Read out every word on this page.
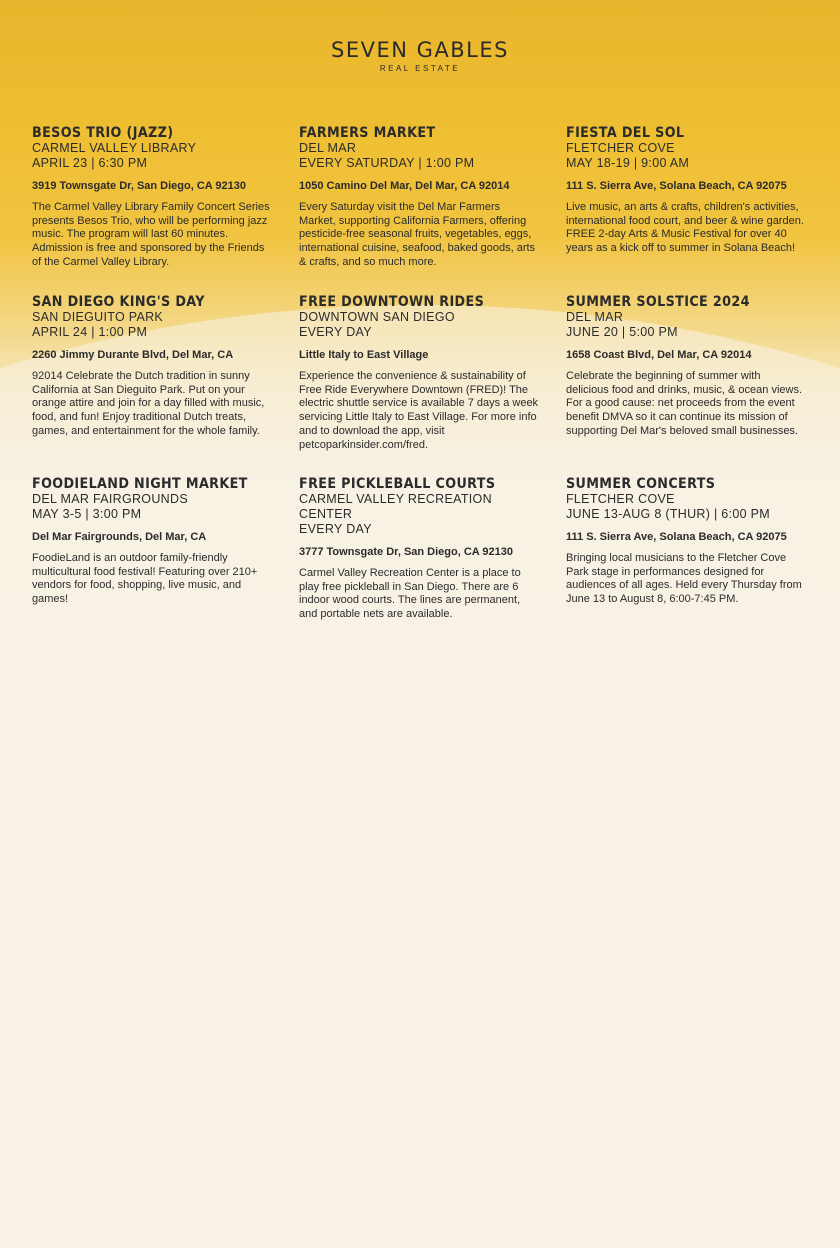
SEVEN GABLES
REAL ESTATE
BESOS TRIO (JAZZ)
CARMEL VALLEY LIBRARY
APRIL 23 | 6:30 PM
3919 Townsgate Dr, San Diego, CA 92130
The Carmel Valley Library Family Concert Series presents Besos Trio, who will be performing jazz music. The program will last 60 minutes. Admission is free and sponsored by the Friends of the Carmel Valley Library.
FARMERS MARKET
DEL MAR
EVERY SATURDAY | 1:00 PM
1050 Camino Del Mar, Del Mar, CA 92014
Every Saturday visit the Del Mar Farmers Market, supporting California Farmers, offering pesticide-free seasonal fruits, vegetables, eggs, international cuisine, seafood, baked goods, arts & crafts, and so much more.
FIESTA DEL SOL
FLETCHER COVE
MAY 18-19 | 9:00 AM
111 S. Sierra Ave, Solana Beach, CA 92075
Live music, an arts & crafts, children's activities, international food court, and beer & wine garden. FREE 2-day Arts & Music Festival for over 40 years as a kick off to summer in Solana Beach!
SAN DIEGO KING'S DAY
SAN DIEGUITO PARK
APRIL 24 | 1:00 PM
2260 Jimmy Durante Blvd, Del Mar, CA
92014 Celebrate the Dutch tradition in sunny California at San Dieguito Park. Put on your orange attire and join for a day filled with music, food, and fun! Enjoy traditional Dutch treats, games, and entertainment for the whole family.
FREE DOWNTOWN RIDES
DOWNTOWN SAN DIEGO
EVERY DAY
Little Italy to East Village
Experience the convenience & sustainability of Free Ride Everywhere Downtown (FRED)! The electric shuttle service is available 7 days a week servicing Little Italy to East Village. For more info and to download the app, visit petcoparkinsider.com/fred.
SUMMER SOLSTICE 2024
DEL MAR
JUNE 20 | 5:00 PM
1658 Coast Blvd, Del Mar, CA 92014
Celebrate the beginning of summer with delicious food and drinks, music, & ocean views. For a good cause: net proceeds from the event benefit DMVA so it can continue its mission of supporting Del Mar's beloved small businesses.
FOODIELAND NIGHT MARKET
DEL MAR FAIRGROUNDS
MAY 3-5 | 3:00 PM
Del Mar Fairgrounds, Del Mar, CA
FoodieLand is an outdoor family-friendly multicultural food festival! Featuring over 210+ vendors for food, shopping, live music, and games!
FREE PICKLEBALL COURTS
CARMEL VALLEY RECREATION CENTER
EVERY DAY
3777 Townsgate Dr, San Diego, CA 92130
Carmel Valley Recreation Center is a place to play free pickleball in San Diego. There are 6 indoor wood courts. The lines are permanent, and portable nets are available.
SUMMER CONCERTS
FLETCHER COVE
JUNE 13-AUG 8 (THUR) | 6:00 PM
111 S. Sierra Ave, Solana Beach, CA 92075
Bringing local musicians to the Fletcher Cove Park stage in performances designed for audiences of all ages. Held every Thursday from June 13 to August 8, 6:00-7:45 PM.
